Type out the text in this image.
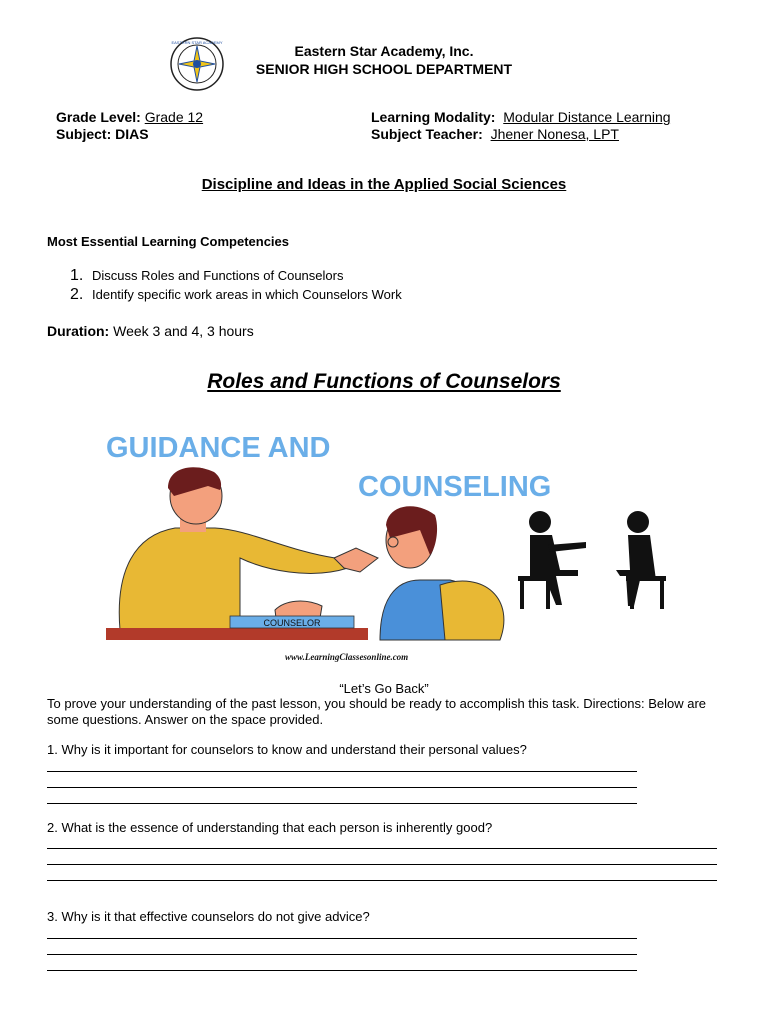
EASTERN STAR ACADEMY
Eastern Star Academy, Inc.
SENIOR HIGH SCHOOL DEPARTMENT
Grade Level: Grade 12
Subject: DIAS
Learning Modality:  Modular Distance Learning
Subject Teacher:  Jhener Nonesa, LPT
Discipline and Ideas in the Applied Social Sciences
Most Essential Learning Competencies
1. Discuss Roles and Functions of Counselors
2. Identify specific work areas in which Counselors Work
Duration: Week 3 and 4, 3 hours
Roles and Functions of Counselors
GUIDANCE AND
COUNSELING
COUNSELOR
www.LearningClassesonline.com
“Let’s Go Back”
To prove your understanding of the past lesson, you should be ready to accomplish this task. Directions: Below are some questions. Answer on the space provided.
1. Why is it important for counselors to know and understand their personal values?
2. What is the essence of understanding that each person is inherently good?
3. Why is it that effective counselors do not give advice?
